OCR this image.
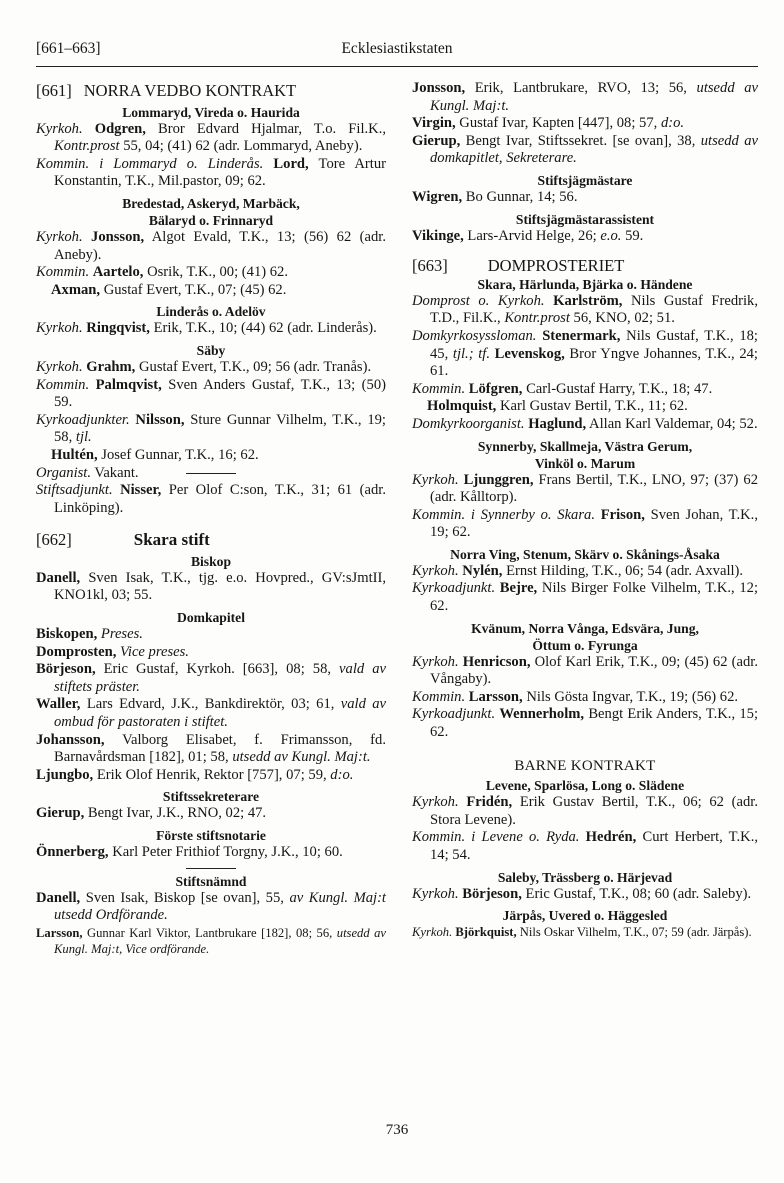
[661–663]	Ecklesiastikstaten
[661] NORRA VEDBO KONTRAKT
Lommaryd, Vireda o. Haurida
Kyrkoh. Odgren, Bror Edvard Hjalmar, T.o. Fil.K., Kontr.prost 55, 04; (41) 62 (adr. Lommaryd, Aneby).
Kommin. i Lommaryd o. Linderås. Lord, Tore Artur Konstantin, T.K., Mil.pastor, 09; 62.
Bredestad, Askeryd, Marbäck,
Bälaryd o. Frinnaryd
Kyrkoh. Jonsson, Algot Evald, T.K., 13; (56) 62 (adr. Aneby).
Kommin. Aartelo, Osrik, T.K., 00; (41) 62.
Axman, Gustaf Evert, T.K., 07; (45) 62.
Linderås o. Adelöv
Kyrkoh. Ringqvist, Erik, T.K., 10; (44) 62 (adr. Linderås).
Säby
Kyrkoh. Grahm, Gustaf Evert, T.K., 09; 56 (adr. Tranås).
Kommin. Palmqvist, Sven Anders Gustaf, T.K., 13; (50) 59.
Kyrkoadjunkter. Nilsson, Sture Gunnar Vilhelm, T.K., 19; 58, tjl.
Hultén, Josef Gunnar, T.K., 16; 62.
Organist. Vakant.
Stiftsadjunkt. Nisser, Per Olof C:son, T.K., 31; 61 (adr. Linköping).
[662]	Skara stift
Biskop
Danell, Sven Isak, T.K., tjg. e.o. Hovpred., GV:sJmtII, KNO1kl, 03; 55.
Domkapitel
Biskopen, Preses.
Domprosten, Vice preses.
Börjeson, Eric Gustaf, Kyrkoh. [663], 08; 58, vald av stiftets präster.
Waller, Lars Edvard, J.K., Bankdirektör, 03; 61, vald av ombud för pastoraten i stiftet.
Johansson, Valborg Elisabet, f. Frimansson, fd. Barnavårdsman [182], 01; 58, utsedd av Kungl. Maj:t.
Ljungbo, Erik Olof Henrik, Rektor [757], 07; 59, d:o.
Stiftssekreterare
Gierup, Bengt Ivar, J.K., RNO, 02; 47.
Förste stiftsnotarie
Önnerberg, Karl Peter Frithiof Torgny, J.K., 10; 60.
Stiftsnämnd
Danell, Sven Isak, Biskop [se ovan], 55, av Kungl. Maj:t utsedd Ordförande.
Larsson, Gunnar Karl Viktor, Lantbrukare [182], 08; 56, utsedd av Kungl. Maj:t, Vice ordförande.
Jonsson, Erik, Lantbrukare, RVO, 13; 56, utsedd av Kungl. Maj:t.
Virgin, Gustaf Ivar, Kapten [447], 08; 57, d:o.
Gierup, Bengt Ivar, Stiftssekret. [se ovan], 38, utsedd av domkapitlet, Sekreterare.
Stiftsjägmästare
Wigren, Bo Gunnar, 14; 56.
Stiftsjägmästarassistent
Vikinge, Lars-Arvid Helge, 26; e.o. 59.
[663] DOMPROSTERIET
Skara, Härlunda, Bjärka o. Händene
Domprost o. Kyrkoh. Karlström, Nils Gustaf Fredrik, T.D., Fil.K., Kontr.prost 56, KNO, 02; 51.
Domkyrkosyssloman. Stenermark, Nils Gustaf, T.K., 18; 45, tjl.; tf. Levenskog, Bror Yngve Johannes, T.K., 24; 61.
Kommin. Löfgren, Carl-Gustaf Harry, T.K., 18; 47.
Holmquist, Karl Gustav Bertil, T.K., 11; 62.
Domkyrkoorganist. Haglund, Allan Karl Valdemar, 04; 52.
Synnerby, Skallmeja, Västra Gerum,
Vinköl o. Marum
Kyrkoh. Ljunggren, Frans Bertil, T.K., LNO, 97; (37) 62 (adr. Kålltorp).
Kommin. i Synnerby o. Skara. Frison, Sven Johan, T.K., 19; 62.
Norra Ving, Stenum, Skärv o. Skånings-Åsaka
Kyrkoh. Nylén, Ernst Hilding, T.K., 06; 54 (adr. Axvall).
Kyrkoadjunkt. Bejre, Nils Birger Folke Vilhelm, T.K., 12; 62.
Kvänum, Norra Vånga, Edsvära, Jung,
Öttum o. Fyrunga
Kyrkoh. Henricson, Olof Karl Erik, T.K., 09; (45) 62 (adr. Vångaby).
Kommin. Larsson, Nils Gösta Ingvar, T.K., 19; (56) 62.
Kyrkoadjunkt. Wennerholm, Bengt Erik Anders, T.K., 15; 62.
BARNE KONTRAKT
Levene, Sparlösa, Long o. Slädene
Kyrkoh. Fridén, Erik Gustav Bertil, T.K., 06; 62 (adr. Stora Levene).
Kommin. i Levene o. Ryda. Hedrén, Curt Herbert, T.K., 14; 54.
Saleby, Trässberg o. Härjevad
Kyrkoh. Börjeson, Eric Gustaf, T.K., 08; 60 (adr. Saleby).
Järpås, Uvered o. Häggesled
Kyrkoh. Björkquist, Nils Oskar Vilhelm, T.K., 07; 59 (adr. Järpås).
736
